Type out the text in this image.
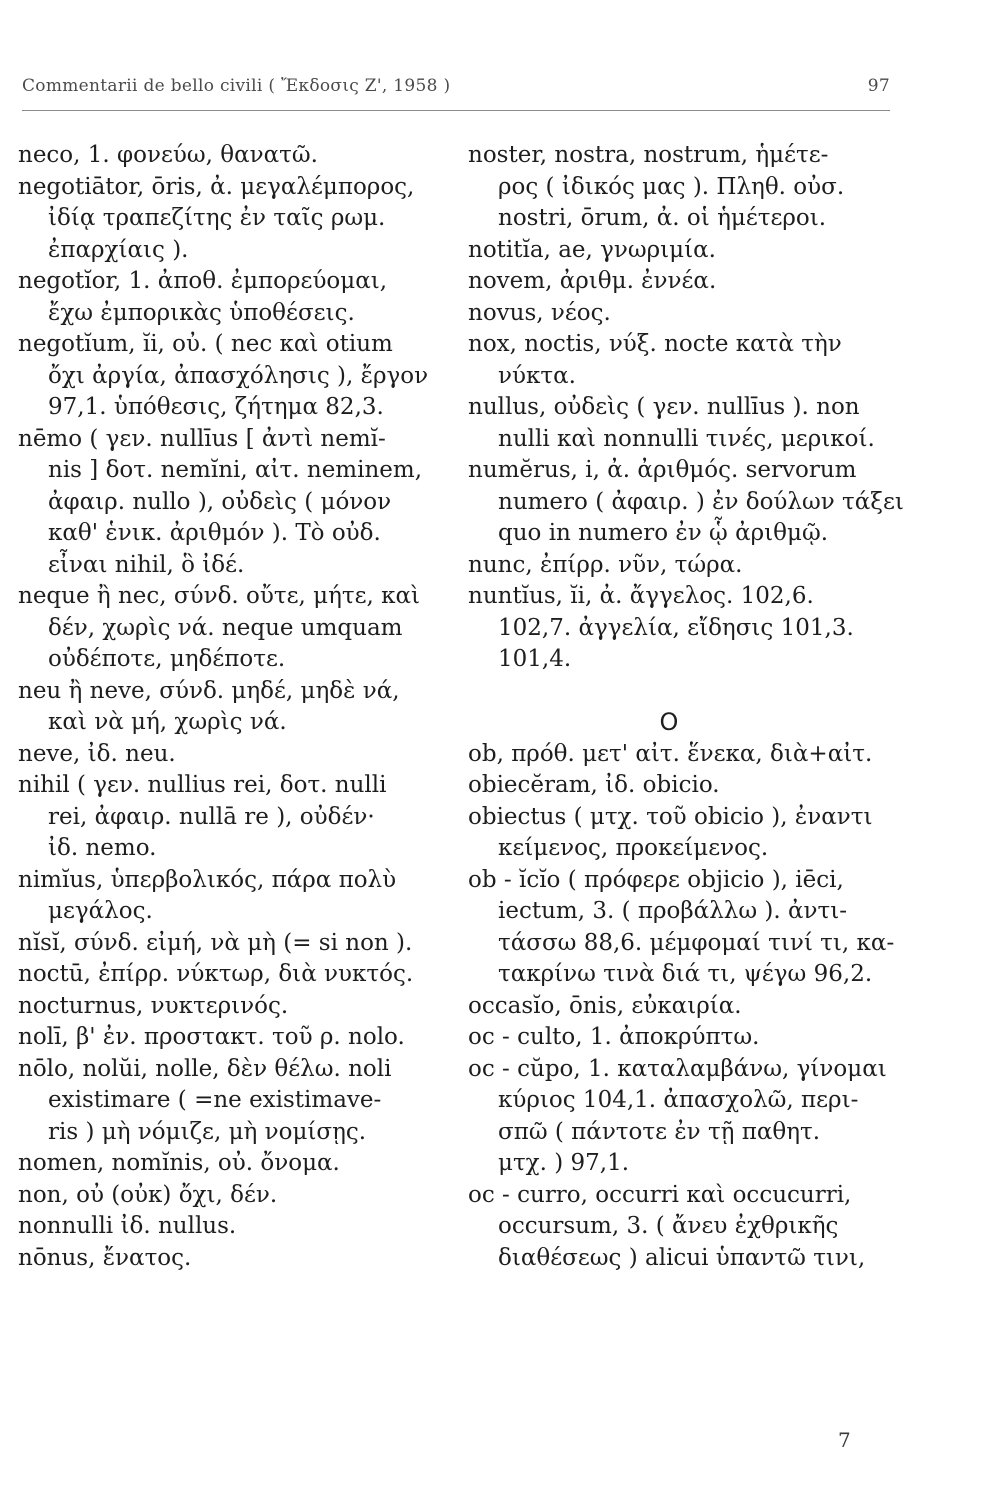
Commentarii de bello civili ( Ἔκδοσις Ζ', 1958 )	97
neco, 1. φονεύω, θανατῶ.
negotiātor, ōris, ἀ. μεγαλέμπορος,
ἰδίᾳ τραπεζίτης ἐν ταῖς ρωμ.
ἐπαρχίαις ).
negotĭor, 1. ἀποθ. ἐμπορεύομαι,
ἔχω ἐμπορικὰς ὑποθέσεις.
negotĭum, ĭi, οὐ. ( nec καὶ otium
ὄχι ἀργία, ἀπασχόλησις ), ἔργον
97,1. ὑπόθεσις, ζήτημα 82,3.
nēmo ( γεν. nullīus [ ἀντὶ nemĭ-
nis ] δοτ. nemĭni, αἰτ. neminem,
ἀφαιρ. nullo ), οὐδεὶς ( μόνον
καθ' ἑνικ. ἀριθμόν ). Τὸ οὐδ.
εἶναι nihil, ὃ ἰδέ.
neque ἢ nec, σύνδ. οὔτε, μήτε, καὶ
δέν, χωρὶς νά. neque umquam
οὐδέποτε, μηδέποτε.
neu ἢ neve, σύνδ. μηδέ, μηδὲ νά,
καὶ νὰ μή, χωρὶς νά.
neve, ἰδ. neu.
nihil ( γεν. nullius rei, δοτ. nulli
rei, ἀφαιρ. nullā re ), οὐδέν·
ἰδ. nemo.
nimĭus, ὑπερβολικός, πάρα πολὺ
μεγάλος.
nĭsĭ, σύνδ. εἰμή, νὰ μὴ (= si non ).
noctū, ἐπίρρ. νύκτωρ, διὰ νυκτός.
nocturnus, νυκτερινός.
nolī, β' ἐν. προστακτ. τοῦ ρ. nolo.
nōlo, nolŭi, nolle, δὲν θέλω. noli
existimare ( =ne existimave-
ris ) μὴ νόμιζε, μὴ νομίσῃς.
nomen, nomĭnis, οὐ. ὄνομα.
non, οὐ (οὐκ) ὄχι, δέν.
nonnulli ἰδ. nullus.
nōnus, ἔνατος.
noster, nostra, nostrum, ἡμέτε-
ρος ( ἰδικός μας ). Πληθ. οὐσ.
nostri, ōrum, ἀ. οἱ ἡμέτεροι.
notitĭa, ae, γνωριμία.
novem, ἀριθμ. ἐννέα.
novus, νέος.
nox, noctis, νύξ. nocte κατὰ τὴν
νύκτα.
nullus, οὐδεὶς ( γεν. nullīus ). non
nulli καὶ nonnulli τινές, μερικοί.
numĕrus, i, ἀ. ἀριθμός. servorum
numero ( ἀφαιρ. ) ἐν δούλων τάξει
quo in numero ἐν ᾧ ἀριθμῷ.
nunc, ἐπίρρ. νῦν, τώρα.
nuntĭus, ĭi, ἀ. ἄγγελος. 102,6.
102,7. ἀγγελία, εἴδησις 101,3.
101,4.
O
ob, πρόθ. μετ' αἰτ. ἕνεκα, διὰ+αἰτ.
obiecĕram, ἰδ. obicio.
obiectus ( μτχ. τοῦ obicio ), ἐναντι
κείμενος, προκείμενος.
ob - ĭcĭo ( πρόφερε objicio ), iēci,
iectum, 3. ( προβάλλω ). ἀντι-
τάσσω 88,6. μέμφομαί τινί τι, κα-
τακρίνω τινὰ διά τι, ψέγω 96,2.
occasĭo, ōnis, εὐκαιρία.
oc - culto, 1. ἀποκρύπτω.
oc - cŭpo, 1. καταλαμβάνω, γίνομαι
κύριος 104,1. ἀπασχολῶ, περι-
σπῶ ( πάντοτε ἐν τῇ παθητ.
μτχ. ) 97,1.
oc - curro, occurri καὶ occucurri,
occursum, 3. ( ἄνευ ἐχθρικῆς
διαθέσεως ) alicui ὑπαντῶ τινι,
7
